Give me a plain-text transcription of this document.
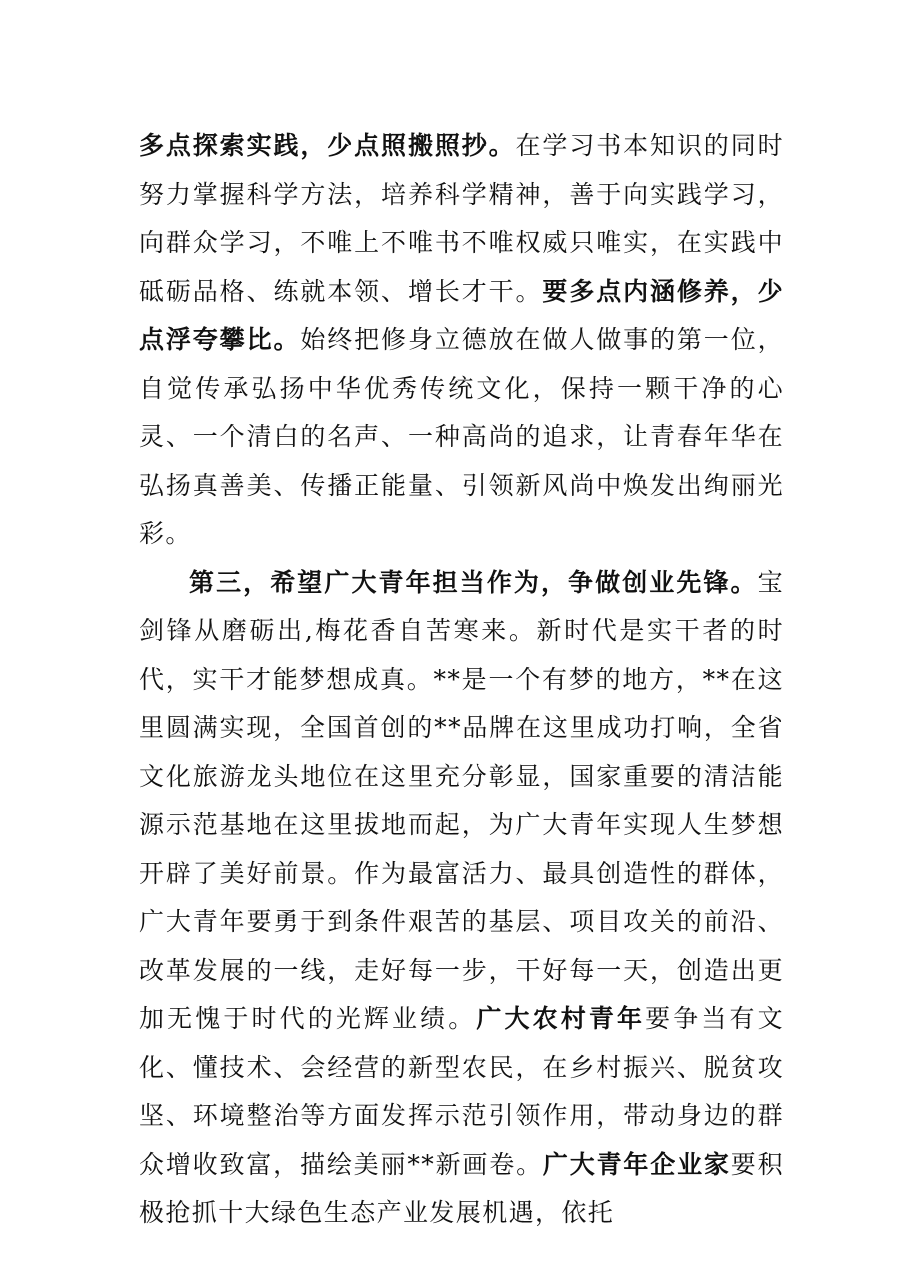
多点探索实践，少点照搬照抄。在学习书本知识的同时努力掌握科学方法，培养科学精神，善于向实践学习，向群众学习，不唯上不唯书不唯权威只唯实，在实践中砥砺品格、练就本领、增长才干。要多点内涵修养，少点浮夸攀比。始终把修身立德放在做人做事的第一位，自觉传承弘扬中华优秀传统文化，保持一颗干净的心灵、一个清白的名声、一种高尚的追求，让青春年华在弘扬真善美、传播正能量、引领新风尚中焕发出绚丽光彩。

第三，希望广大青年担当作为，争做创业先锋。宝剑锋从磨砺出,梅花香自苦寒来。新时代是实干者的时代，实干才能梦想成真。**是一个有梦的地方，**在这里圆满实现，全国首创的**品牌在这里成功打响，全省文化旅游龙头地位在这里充分彰显，国家重要的清洁能源示范基地在这里拔地而起，为广大青年实现人生梦想开辟了美好前景。作为最富活力、最具创造性的群体，广大青年要勇于到条件艰苦的基层、项目攻关的前沿、改革发展的一线，走好每一步，干好每一天，创造出更加无愧于时代的光辉业绩。广大农村青年要争当有文化、懂技术、会经营的新型农民，在乡村振兴、脱贫攻坚、环境整治等方面发挥示范引领作用，带动身边的群众增收致富，描绘美丽**新画卷。广大青年企业家要积极抢抓十大绿色生态产业发展机遇，依托
